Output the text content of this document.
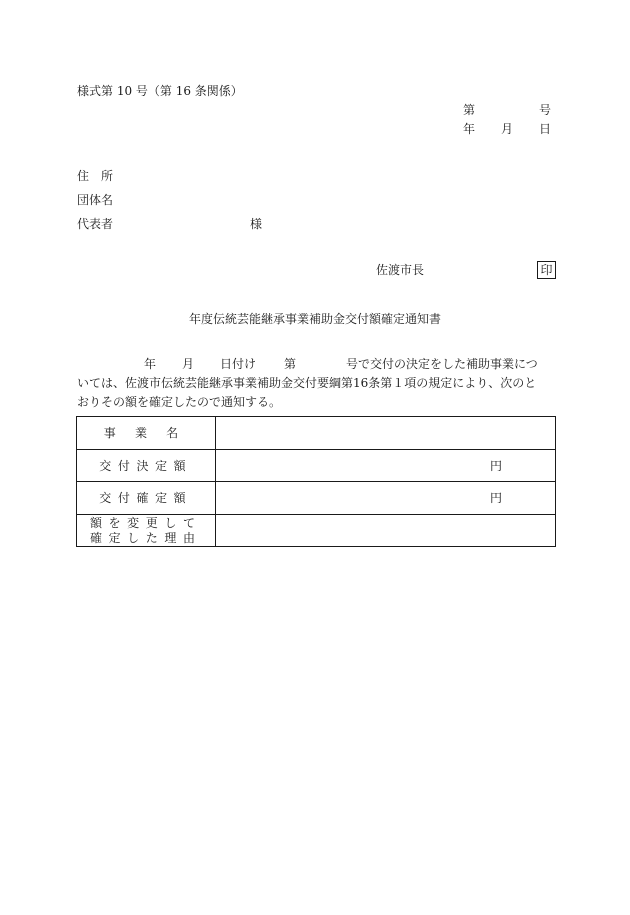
様式第 10 号（第 16 条関係）
第	号
年 月 日
住　所
団体名
代表者	様
佐渡市長	印
年度伝統芸能継承事業補助金交付額確定通知書
年 月 日付け 第	号で交付の決定をした補助事業につ
いては、佐渡市伝統芸能継承事業補助金交付要綱第16条第１項の規定により、次のと
おりその額を確定したので通知する。
事業名	
交付決定額	円

交付確定額	円

額を変更して
確定した理由	
